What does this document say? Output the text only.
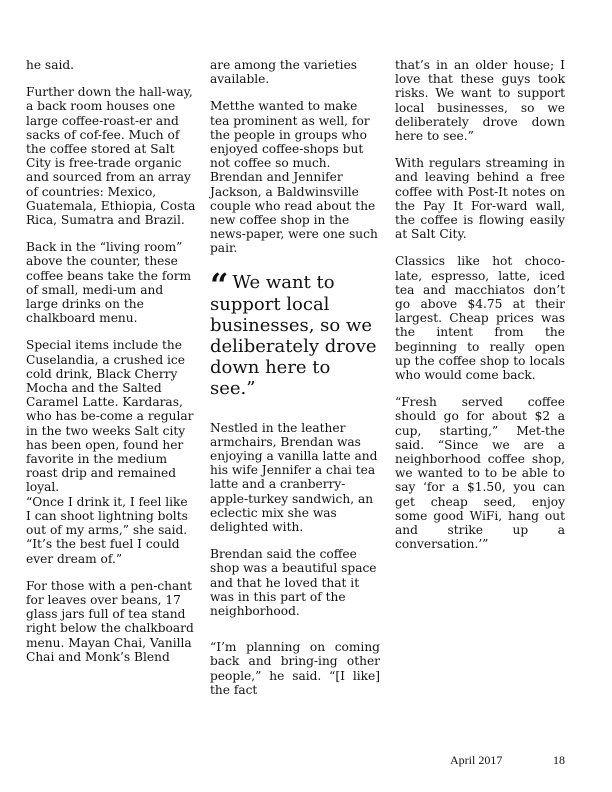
he said.

Further down the hall-way, a back room houses one large coffee-roast-er and sacks of cof-fee. Much of the coffee stored at Salt City is free-trade organic and sourced from an array of countries: Mexico, Guatemala, Ethiopia, Costa Rica, Sumatra and Brazil.

Back in the “living room” above the counter, these coffee beans take the form of small, medi-um and large drinks on the chalkboard menu.

Special items include the Cuselandia, a crushed ice cold drink, Black Cherry Mocha and the Salted Caramel Latte. Kardaras, who has be-come a regular in the two weeks Salt city has been open, found her favorite in the medium roast drip and remained loyal.

“Once I drink it, I feel like I can shoot lightning bolts out of my arms,” she said. “It’s the best fuel I could ever dream of.”

For those with a pen-chant for leaves over beans, 17 glass jars full of tea stand right below the chalkboard menu. Mayan Chai, Vanilla Chai and Monk’s Blend

are among the varieties available.

Metthe wanted to make tea prominent as well, for the people in groups who enjoyed coffee-shops but not coffee so much. Brendan and Jennifer Jackson, a Baldwinsville couple who read about the new coffee shop in the news-paper, were one such pair.

“ We want to support local businesses, so we deliberately drove down here to see.”

Nestled in the leather armchairs, Brendan was enjoying a vanilla latte and his wife Jennifer a chai tea latte and a cranberry-apple-turkey sandwich, an eclectic mix she was delighted with.

Brendan said the coffee shop was a beautiful space and that he loved that it was in this part of the neighborhood.

“I’m planning on coming back and bring-ing other people,” he said. “[I like] the fact

that’s in an older house; I love that these guys took risks. We want to support local businesses, so we deliberately drove down here to see.”

With regulars streaming in and leaving behind a free coffee with Post-It notes on the Pay It For-ward wall, the coffee is flowing easily at Salt City.

Classics like hot choco-late, espresso, latte, iced tea and macchiatos don’t go above $4.75 at their largest. Cheap prices was the intent from the beginning to really open up the coffee shop to locals who would come back.

“Fresh served coffee should go for about $2 a cup, starting,” Met-the said. “Since we are a neighborhood coffee shop, we wanted to to be able to say ‘for a $1.50, you can get cheap seed, enjoy some good WiFi, hang out and strike up a conversation.’”

April 2017	18
